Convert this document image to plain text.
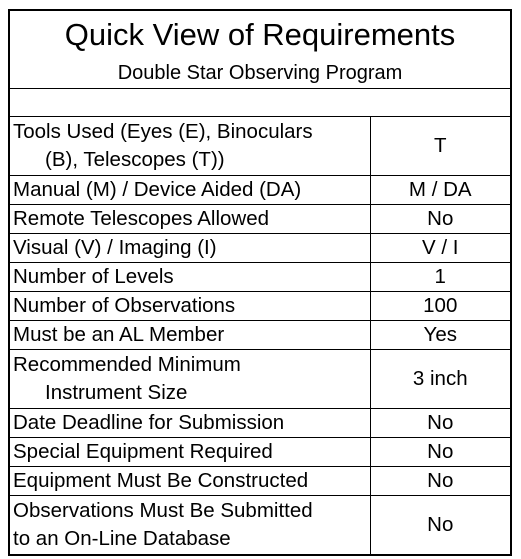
Quick View of Requirements	
Double Star Observing Program	

Tools Used (Eyes (E), Binoculars
(B), Telescopes (T))	T
Manual (M) / Device Aided (DA)	M / DA
Remote Telescopes Allowed	No
Visual (V) / Imaging (I)	V / I
Number of Levels	1
Number of Observations	100
Must be an AL Member	Yes

Recommended Minimum
Instrument Size	3 inch
Date Deadline for Submission	No
Special Equipment Required	No
Equipment Must Be Constructed	No

Observations Must Be Submitted
to an On-Line Database	No
